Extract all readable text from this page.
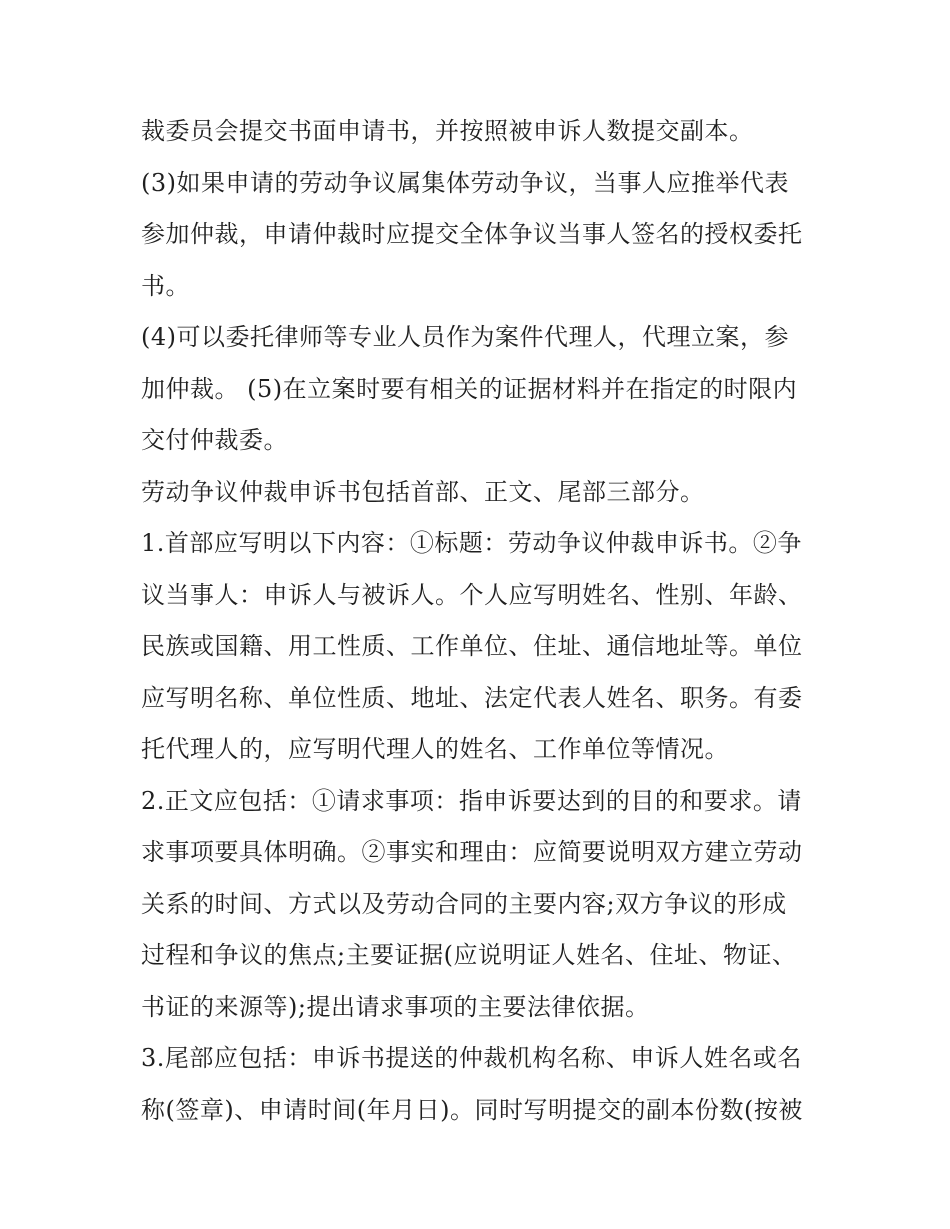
裁委员会提交书面申请书，并按照被申诉人数提交副本。
(3)如果申请的劳动争议属集体劳动争议，当事人应推举代表
参加仲裁，申请仲裁时应提交全体争议当事人签名的授权委托
书。
(4)可以委托律师等专业人员作为案件代理人，代理立案，参
加仲裁。 (5)在立案时要有相关的证据材料并在指定的时限内
交付仲裁委。
劳动争议仲裁申诉书包括首部、正文、尾部三部分。
1.首部应写明以下内容：①标题：劳动争议仲裁申诉书。②争
议当事人：申诉人与被诉人。个人应写明姓名、性别、年龄、
民族或国籍、用工性质、工作单位、住址、通信地址等。单位
应写明名称、单位性质、地址、法定代表人姓名、职务。有委
托代理人的，应写明代理人的姓名、工作单位等情况。
2.正文应包括：①请求事项：指申诉要达到的目的和要求。请
求事项要具体明确。②事实和理由：应简要说明双方建立劳动
关系的时间、方式以及劳动合同的主要内容;双方争议的形成
过程和争议的焦点;主要证据(应说明证人姓名、住址、物证、
书证的来源等);提出请求事项的主要法律依据。
3.尾部应包括：申诉书提送的仲裁机构名称、申诉人姓名或名
称(签章)、申请时间(年月日)。同时写明提交的副本份数(按被
